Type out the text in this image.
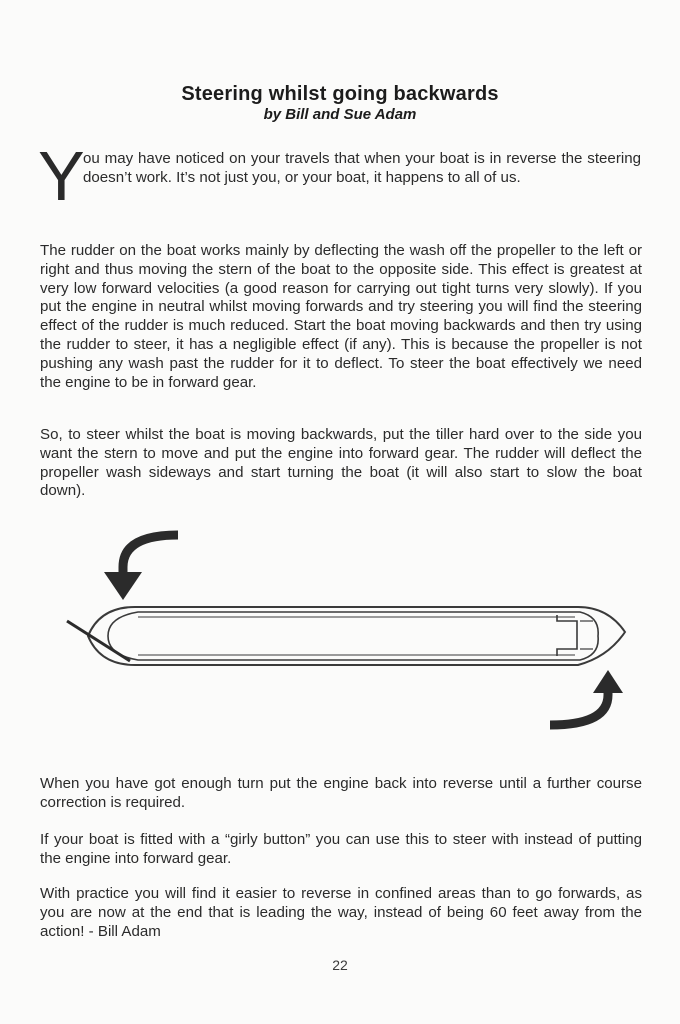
Steering whilst going backwards
by Bill and Sue Adam
Y

ou may have noticed on your travels that when your boat is in reverse the steering doesn’t work. It’s not just you, or your boat, it happens to all of us.

The rudder on the boat works mainly by deflecting the wash off the propeller to the left or right and thus moving the stern of the boat to the opposite side. This effect is greatest at very low forward velocities (a good reason for carrying out tight turns very slowly). If you put the engine in neutral whilst moving forwards and try steering you will find the steering effect of the rudder is much reduced. Start the boat moving backwards and then try using the rudder to steer, it has a negligible effect (if any). This is because the propeller is not pushing any wash past the rudder for it to deflect. To steer the boat effectively we need the engine to be in forward gear.

So, to steer whilst the boat is moving backwards, put the tiller hard over to the side you want the stern to move and put the engine into forward gear. The rudder will deflect the propeller wash sideways and start turning the boat (it will also start to slow the boat down).

When you have got enough turn put the engine back into reverse until a further course correction is required.

If your boat is fitted with a “girly button” you can use this to steer with instead of putting the engine into forward gear.

With practice you will find it easier to reverse in confined areas than to go forwards, as you are now at the end that is leading the way, instead of being 60 feet away from the action! - Bill Adam

22
